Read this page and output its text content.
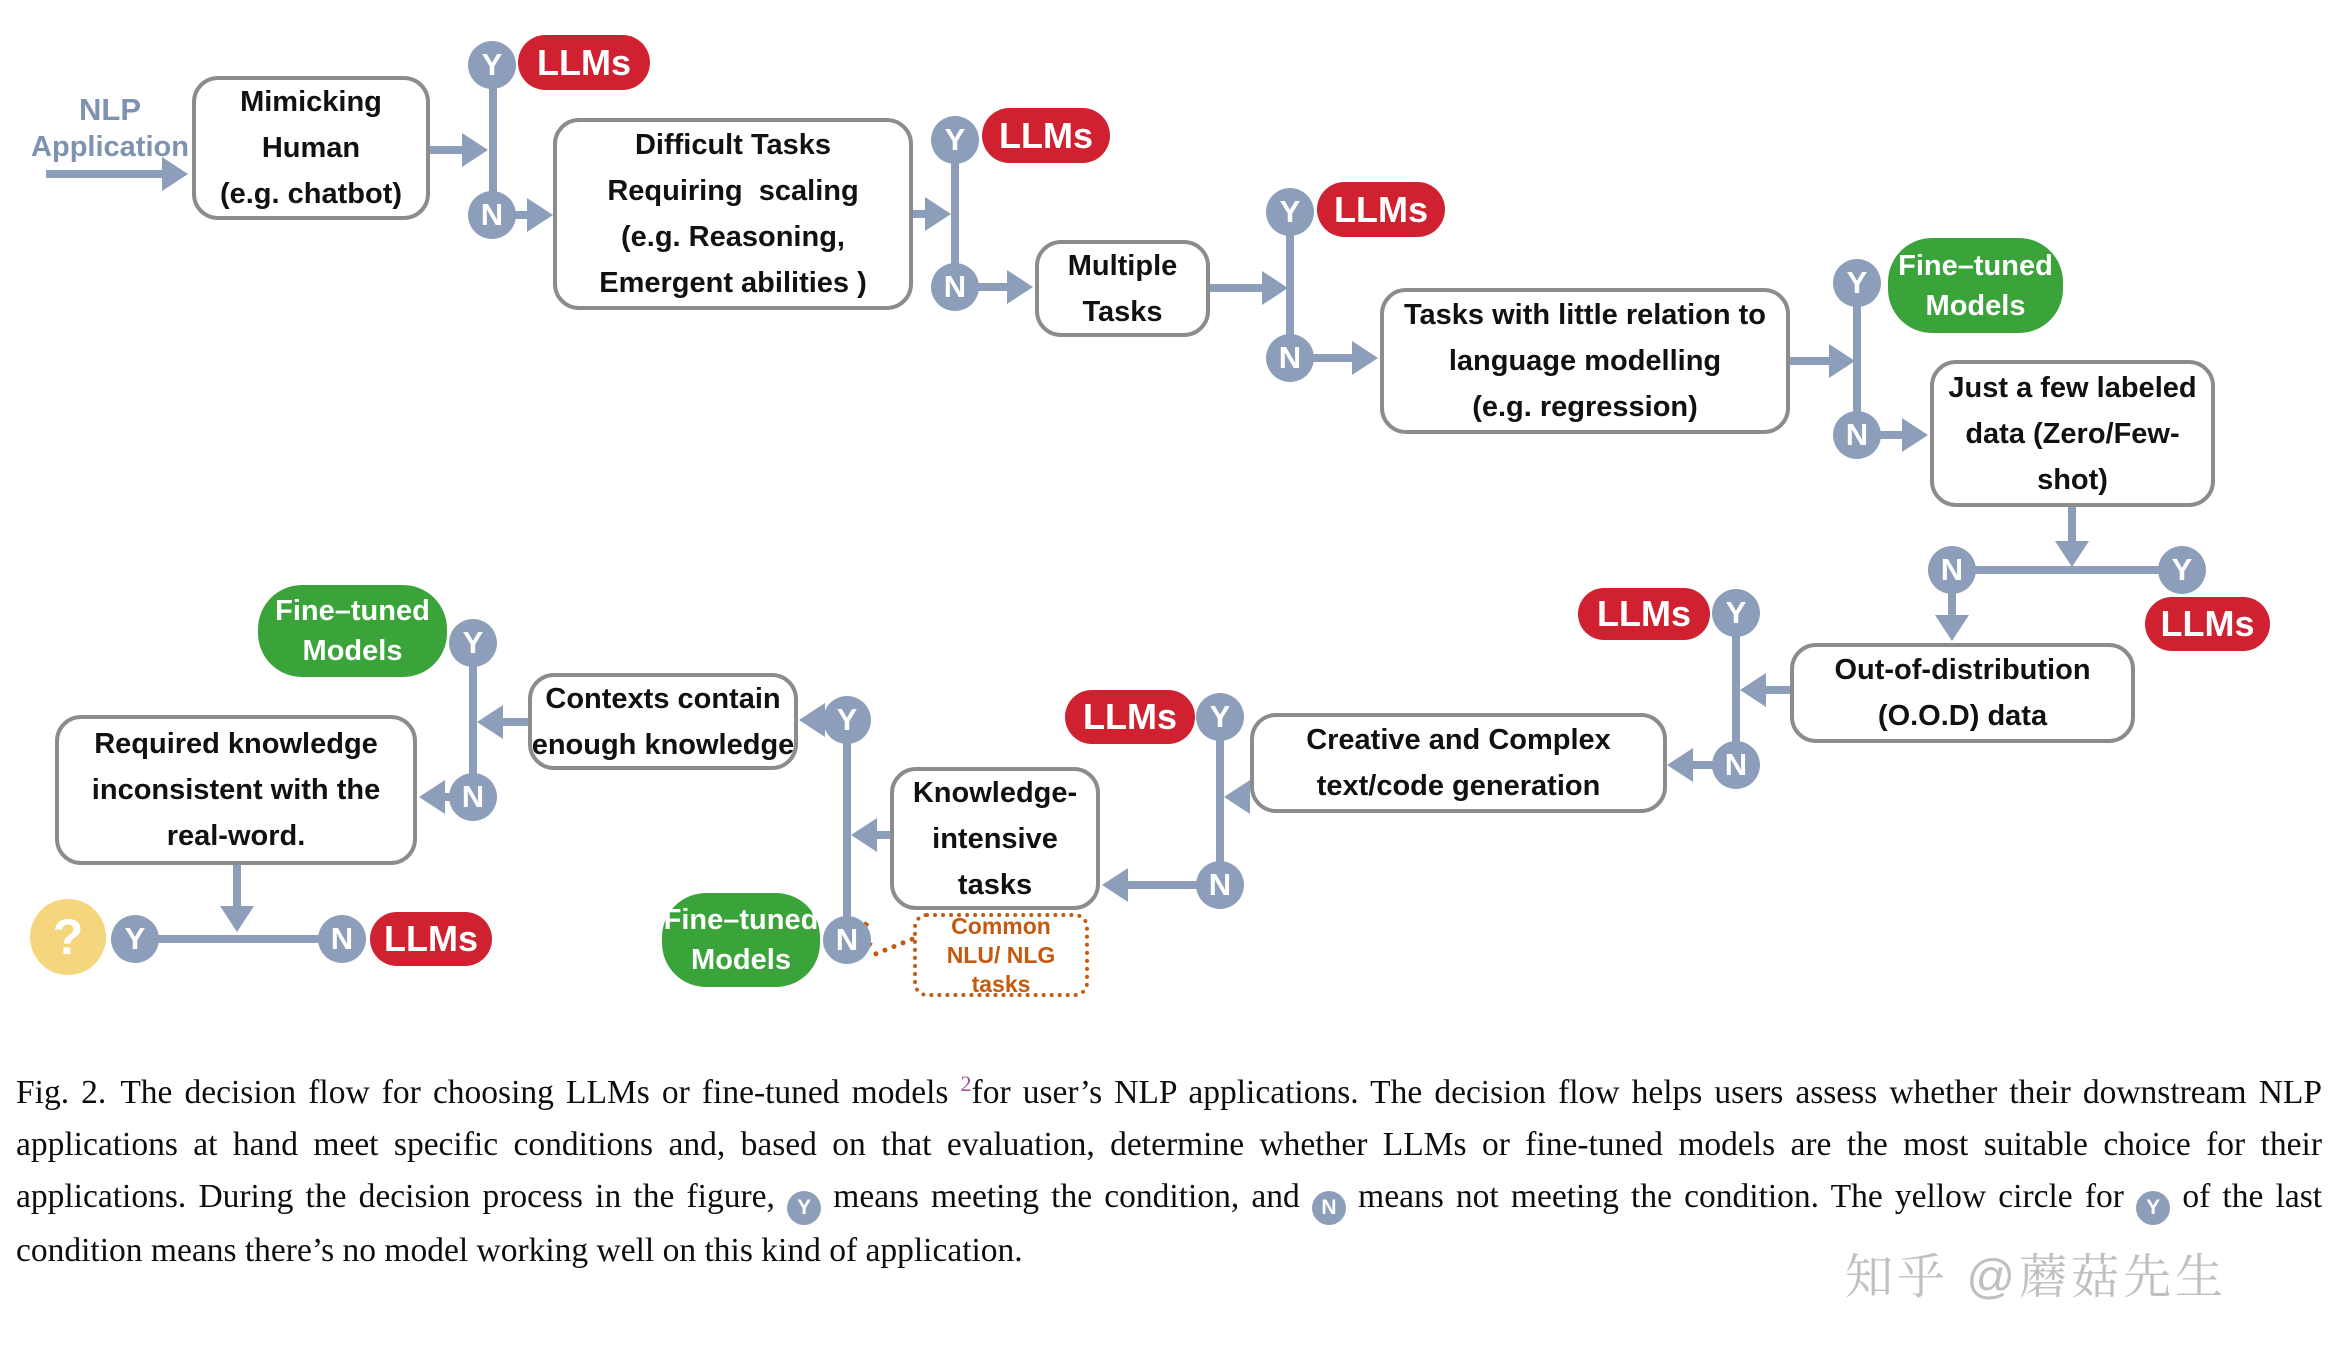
NLP
Application
Mimicking
Human
(e.g. chatbot)
Difficult Tasks
Requiring  scaling
(e.g. Reasoning,
Emergent abilities )
Multiple
Tasks	Tasks with little relation to
language modelling
(e.g. regression)
Just a few labeled
data (Zero/Few-
shot)
Out-of-distribution
(O.O.D) data
Creative and Complex
text/code generation
Knowledge-
intensive
tasks
Contexts contain
enough knowledge
Required knowledge
inconsistent with the
real-word.
Y
N
Y
N
Y
N
Y
N
N	Y
Y
N
Y
N
Y
N
Y
N
Y	N
LLMs
LLMs
LLMs
LLMs
LLMs
LLMs
LLMs
Fine–tuned
Models
Fine–tuned
Models
Fine–tuned
Models
?	Common
NLU/ NLG tasks
Fig. 2. The decision flow for choosing LLMs or fine-tuned models $^2$for user’s NLP applications. The decision flow helps users assess whether their downstream NLP applications at hand meet specific conditions and, based on that evaluation, determine whether LLMs or fine-tuned models are the most suitable choice for their applications. During the decision process in the figure, Y means meeting the condition, and N means not meeting the condition. The yellow circle for Y of the last condition means there’s no model working well on this kind of application.
知乎 @蘑菇先生
